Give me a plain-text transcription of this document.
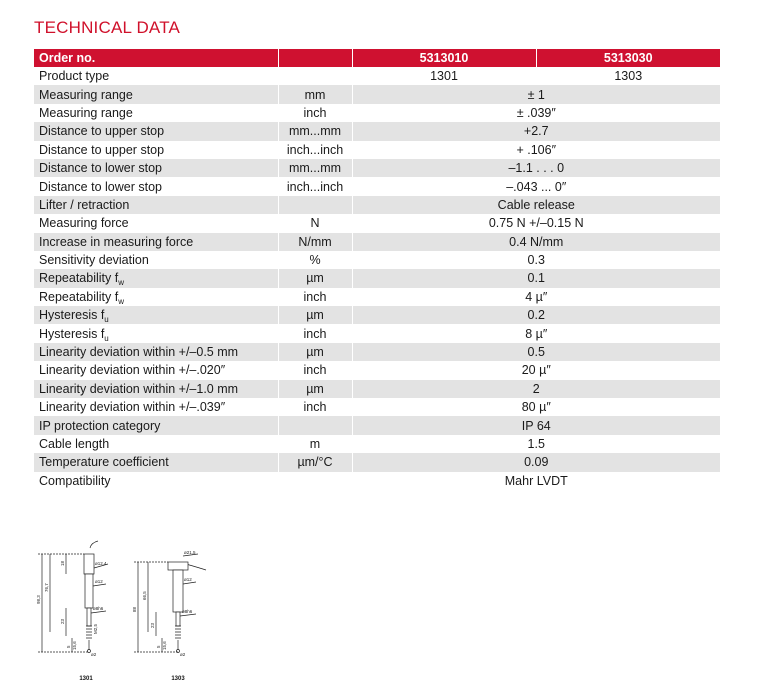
TECHNICAL DATA
Order no.		5313010	5313030
Product type		1301	1303
Measuring range	mm	± 1	
Measuring range	inch	± .039″	
Distance to upper stop	mm...mm	+2.7	
Distance to upper stop	inch...inch	+ .106″	
Distance to lower stop	mm...mm	–1.1 . . . 0	
Distance to lower stop	inch...inch	–.043 ... 0″	
Lifter / retraction		Cable release	
Measuring force	N	0.75 N +/–0.15 N	
Increase in measuring force	N/mm	0.4 N/mm	
Sensitivity deviation	%	0.3	
Repeatability $f_w$	µm	0.1	
Repeatability $f_w$	inch	4 µ″	
Hysteresis $f_u$	µm	0.2	
Hysteresis $f_u$	inch	8 µ″	
Linearity deviation within +/–0.5 mm	µm	0.5	
Linearity deviation within +/–.020″	inch	20 µ″	
Linearity deviation within +/–1.0 mm	µm	2	
Linearity deviation within +/–.039″	inch	80 µ″	
IP protection category		IP 64	
Cable length	m	1.5	
Temperature coefficient	µm/°C	0.09	
Compatibility		Mahr LVDT	
98,3
76,7
18
23
5 15,6
ø12,4
ø12
ø8h6
M2,5
ø2
88
66,5
23
5 15,6
ø21,5
ø12
ø8h6
ø2
1301	1303
